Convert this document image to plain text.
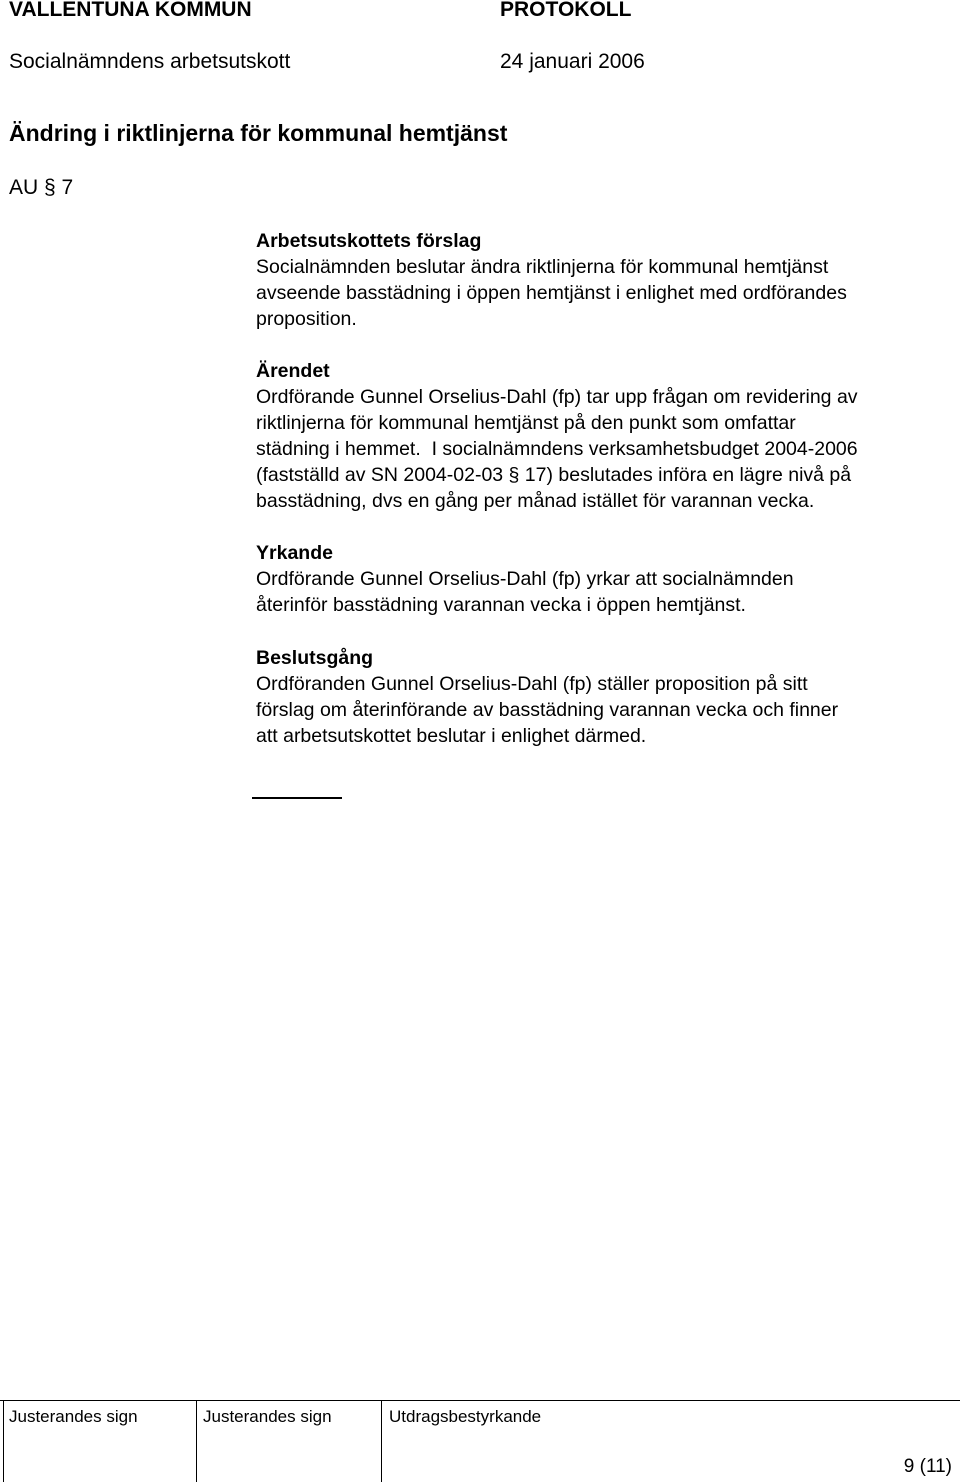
VALLENTUNA KOMMUN	PROTOKOLL
Socialnämndens arbetsutskott	24 januari 2006
Ändring i riktlinjerna för kommunal hemtjänst
AU § 7
Arbetsutskottets förslag
Socialnämnden beslutar ändra riktlinjerna för kommunal hemtjänst
avseende basstädning i öppen hemtjänst i enlighet med ordförandes
proposition.
Ärendet
Ordförande Gunnel Orselius-Dahl (fp) tar upp frågan om revidering av
riktlinjerna för kommunal hemtjänst på den punkt som omfattar
städning i hemmet.  I socialnämndens verksamhetsbudget 2004-2006
(fastställd av SN 2004-02-03 § 17) beslutades införa en lägre nivå på
basstädning, dvs en gång per månad istället för varannan vecka.
Yrkande
Ordförande Gunnel Orselius-Dahl (fp) yrkar att socialnämnden
återinför basstädning varannan vecka i öppen hemtjänst.
Beslutsgång
Ordföranden Gunnel Orselius-Dahl (fp) ställer proposition på sitt
förslag om återinförande av basstädning varannan vecka och finner
att arbetsutskottet beslutar i enlighet därmed.
Justerandes sign	Justerandes sign	Utdragsbestyrkande
9 (11)
